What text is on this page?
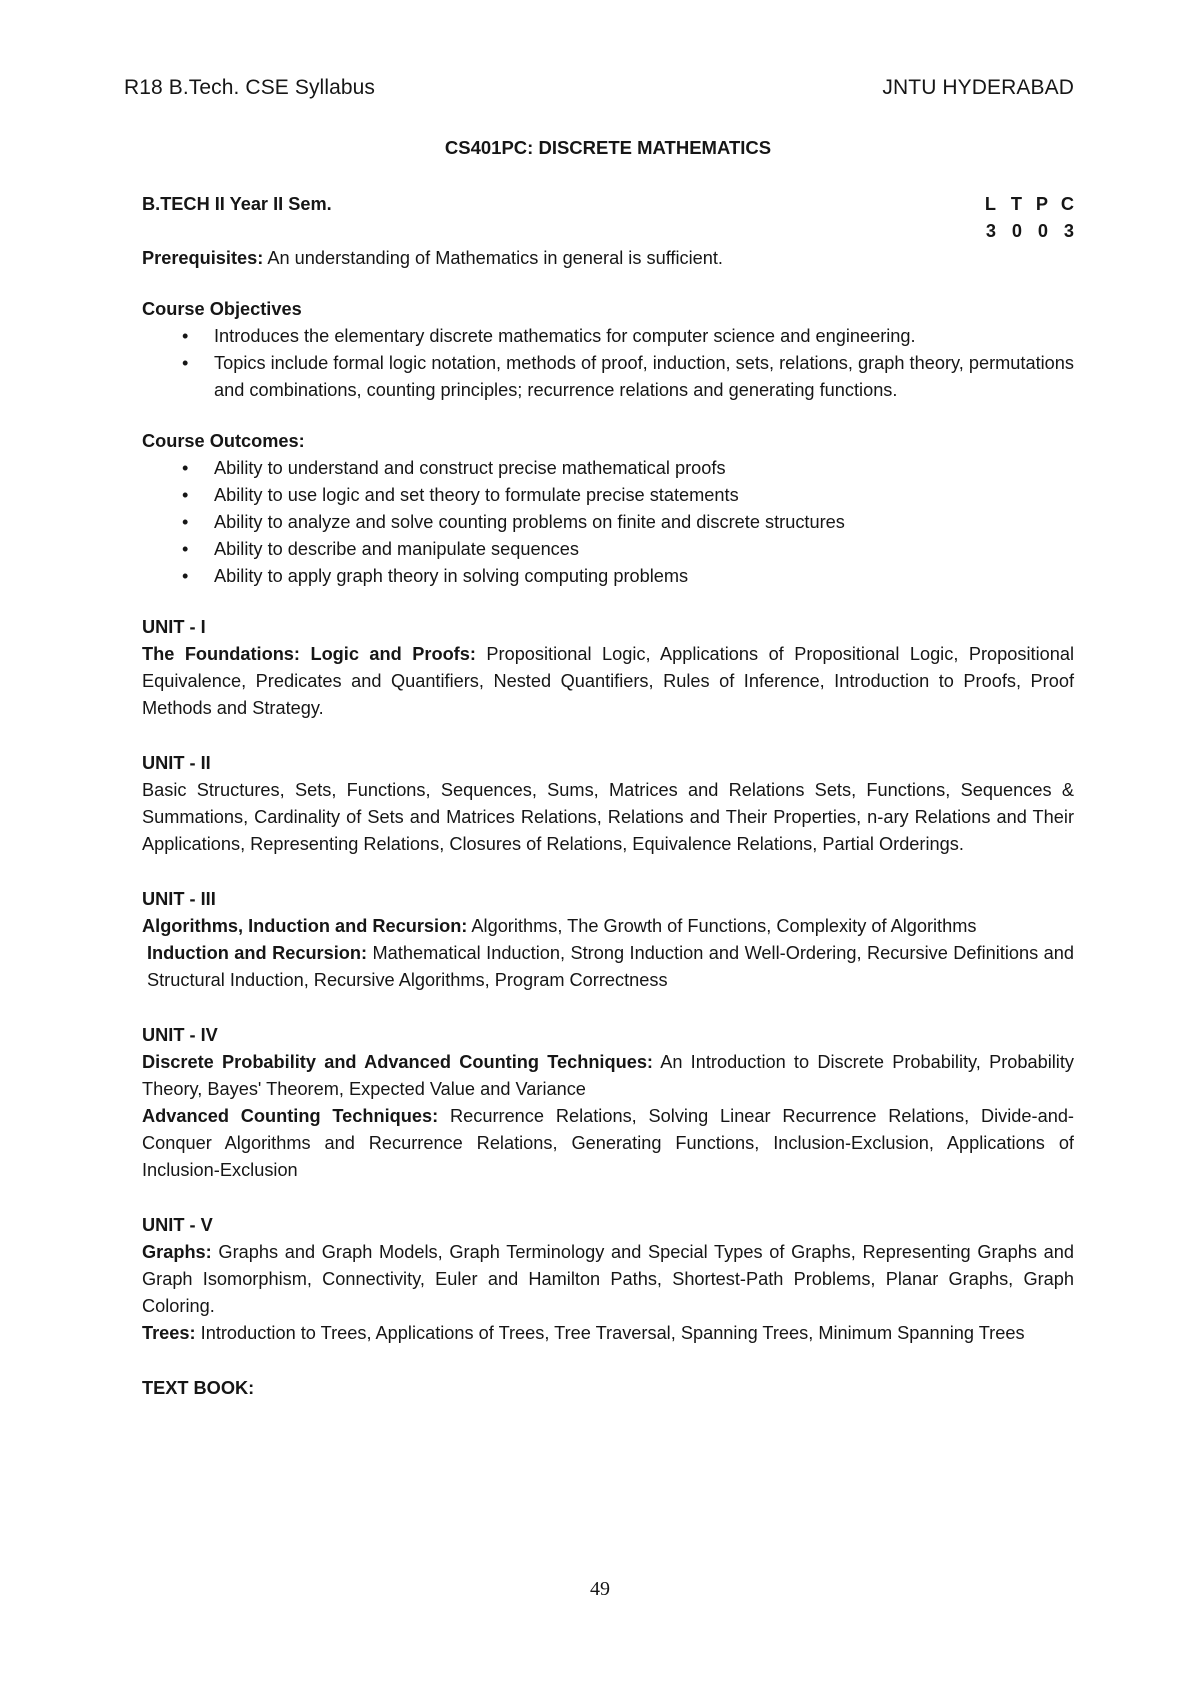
R18 B.Tech. CSE Syllabus	JNTU HYDERABAD
CS401PC: DISCRETE MATHEMATICS
B.TECH II Year II Sem.	L T P C
3 0 0 3

Prerequisites: An understanding of Mathematics in general is sufficient.

Course Objectives

• Introduces the elementary discrete mathematics for computer science and engineering.
• Topics include formal logic notation, methods of proof, induction, sets, relations, graph theory, permutations and combinations, counting principles; recurrence relations and generating functions.

Course Outcomes:

• Ability to understand and construct precise mathematical proofs
• Ability to use logic and set theory to formulate precise statements
• Ability to analyze and solve counting problems on finite and discrete structures
• Ability to describe and manipulate sequences
• Ability to apply graph theory in solving computing problems

UNIT - I

The Foundations: Logic and Proofs: Propositional Logic, Applications of Propositional Logic, Propositional Equivalence, Predicates and Quantifiers, Nested Quantifiers, Rules of Inference, Introduction to Proofs, Proof Methods and Strategy.

UNIT - II

Basic Structures, Sets, Functions, Sequences, Sums, Matrices and Relations Sets, Functions, Sequences & Summations, Cardinality of Sets and Matrices Relations, Relations and Their Properties, n-ary Relations and Their Applications, Representing Relations, Closures of Relations, Equivalence Relations, Partial Orderings.

UNIT - III

Algorithms, Induction and Recursion: Algorithms, The Growth of Functions, Complexity of Algorithms

Induction and Recursion: Mathematical Induction, Strong Induction and Well-Ordering, Recursive Definitions and Structural Induction, Recursive Algorithms, Program Correctness

UNIT - IV

Discrete Probability and Advanced Counting Techniques: An Introduction to Discrete Probability, Probability Theory, Bayes' Theorem, Expected Value and Variance

Advanced Counting Techniques: Recurrence Relations, Solving Linear Recurrence Relations, Divide-and-Conquer Algorithms and Recurrence Relations, Generating Functions, Inclusion-Exclusion, Applications of Inclusion-Exclusion

UNIT - V

Graphs: Graphs and Graph Models, Graph Terminology and Special Types of Graphs, Representing Graphs and Graph Isomorphism, Connectivity, Euler and Hamilton Paths, Shortest-Path Problems, Planar Graphs, Graph Coloring.

Trees: Introduction to Trees, Applications of Trees, Tree Traversal, Spanning Trees, Minimum Spanning Trees

TEXT BOOK:

49
